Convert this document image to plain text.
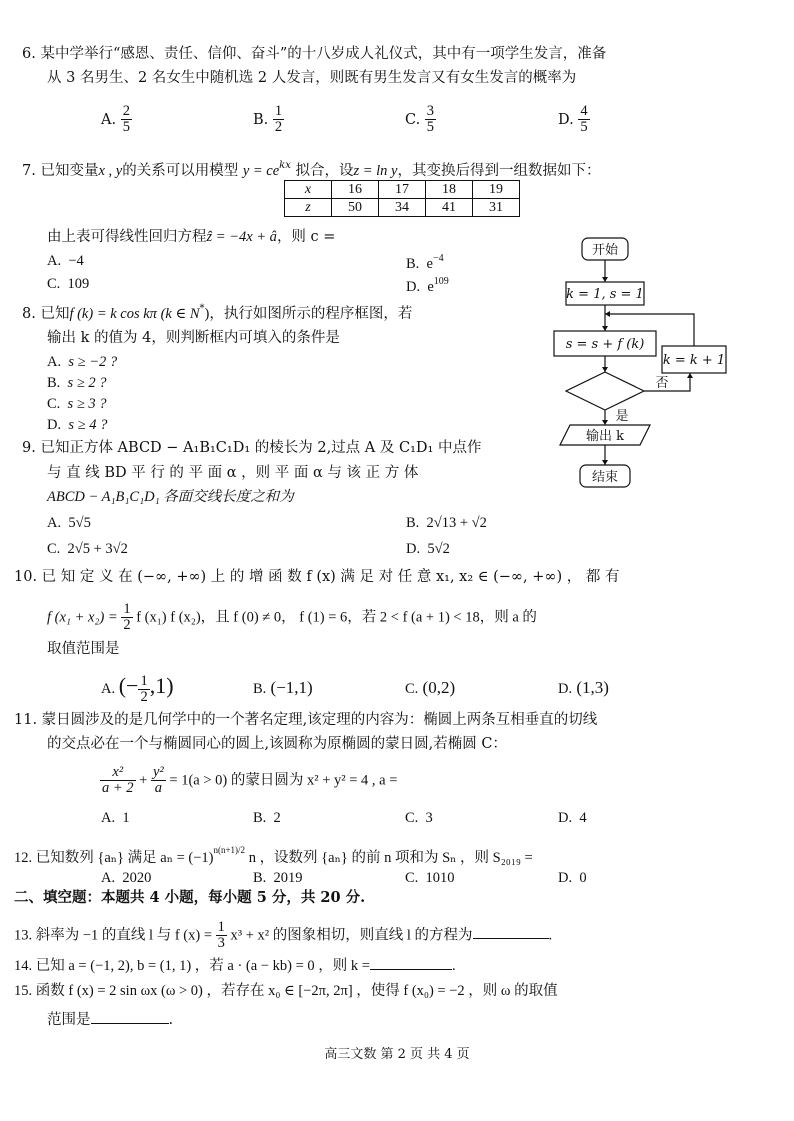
6. 某中学举行“感恩、责任、信仰、奋斗”的十八岁成人礼仪式，其中有一项学生发言，准备
从 3 名男生、2 名女生中随机选 2 人发言，则既有男生发言又有女生发言的概率为
A. $\frac{2}{5}$	B. $\frac{1}{2}$	C. $\frac{3}{5}$	D. $\frac{4}{5}$
7. 已知变量x , y的关系可以用模型 $y = ce^{kx}$ 拟合，设z = ln y，其变换后得到一组数据如下：
x	16	17	18	19
z	50	34	41	31
由上表可得线性回归方程ẑ = −4x + â，则 c =
A. −4	B. $e^{-4}$
C. 109	D. $e^{109}$
8. 已知f (k) = k cos kπ (k ∈ N*)，执行如图所示的程序框图，若
输出 k 的值为 4，则判断框内可填入的条件是
A. s ≥ −2 ?
B. s ≥ 2 ?
C. s ≥ 3 ?
D. s ≥ 4 ?
开始
k = 1, s = 1
s = s + f (k)
k = k + 1
否
是
输出 k
结束
9. 已知正方体 ABCD − A₁B₁C₁D₁ 的棱长为 2,过点 A 及 C₁D₁ 中点作
与 直 线 BD 平 行 的 平 面 α ，则 平 面 α 与 该 正 方 体
ABCD − A₁B₁C₁D₁ 各面交线长度之和为
A. 5√5	B. 2√13 + √2
C. 2√5 + 3√2	D. 5√2
10. 已 知 定 义 在 (−∞, +∞) 上 的 增 函 数 f (x) 满 足 对 任 意 x₁, x₂ ∈ (−∞, +∞) ， 都 有
f $(x_1 + x_2) = \frac{1}{2}$ f (x₁) f (x₂)，且 f (0) ≠ 0， f (1) = 6，若 2 < f (a + 1) < 18，则 a 的
取值范围是
A. (− $\frac{1}{2} ,1$)	B. (−1,1)	C. (0,2)	D. (1,3)
11. 蒙日圆涉及的是几何学中的一个著名定理,该定理的内容为：椭圆上两条互相垂直的切线
的交点必在一个与椭圆同心的圆上,该圆称为原椭圆的蒙日圆,若椭圆 C：
$\frac{\text{x²}}{a + 2} + \frac{\text{y²}}{a} = 1(a > 0)$ 的蒙日圆为 x² + y² = 4 , a =
A. 1	B. 2	C. 3	D. 4
12. 已知数列 {aₙ} 满足 $a_n = (-1)^{n(n+1)/2}$ n ，设数列 {aₙ} 的前 n 项和为 Sₙ ，则 S₂₀₁₉ =
A. 2020	B. 2019	C. 1010	D. 0
二、填空题：本题共 4 小题，每小题 5 分，共 20 分.
13. 斜率为 −1 的直线 l 与 f $(x) = \frac{1}{3} x^3 + x^2$ 的图象相切，则直线 l 的方程为	.
14. 已知 a = (−1, 2), b = (1, 1) ，若 a · (a − kb) = 0 ，则 k =	.
15. 函数 f (x) = 2 sin ωx (ω > 0) ，若存在 x₀ ∈ [−2π, 2π] ，使得 f (x₀) = −2 ，则 ω 的取值
范围是	.
高三文数 第 2 页 共 4 页
